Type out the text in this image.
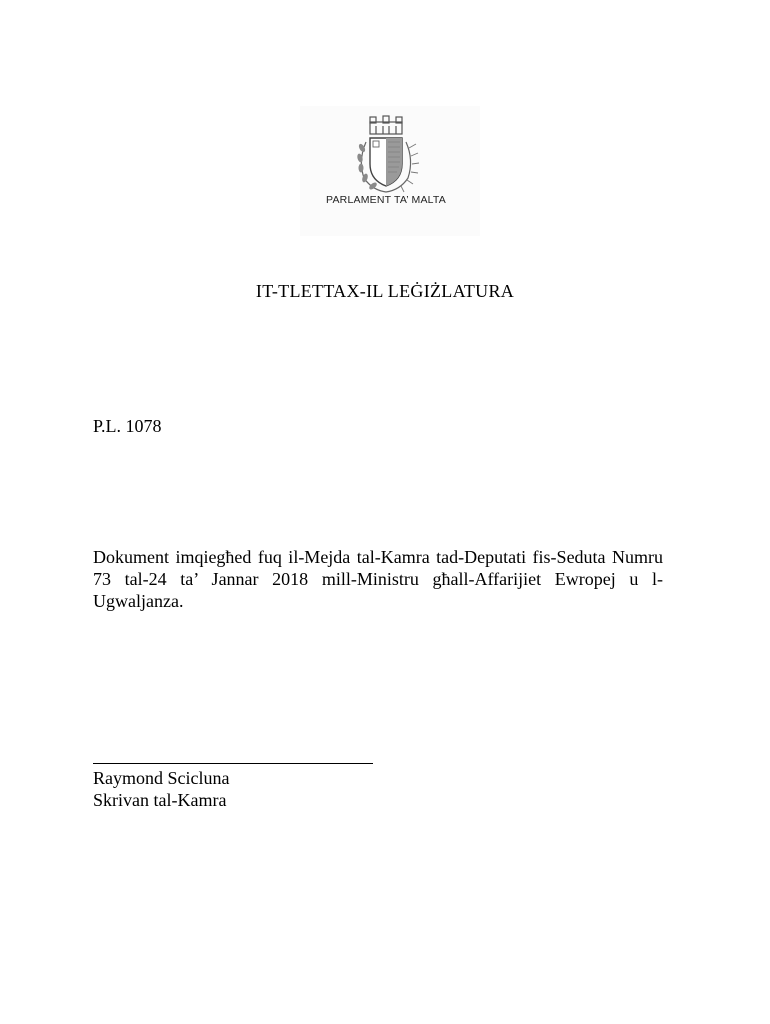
PARLAMENT TA’ MALTA
IT-TLETTAX-IL LEĠIŻLATURA
P.L. 1078
Dokument imqiegħed fuq il-Mejda tal-Kamra tad-Deputati fis-Seduta Numru 73 tal-24 ta’ Jannar 2018 mill-Ministru għall-Affarijiet Ewropej u l-Ugwaljanza.
Raymond Scicluna
Skrivan tal-Kamra
